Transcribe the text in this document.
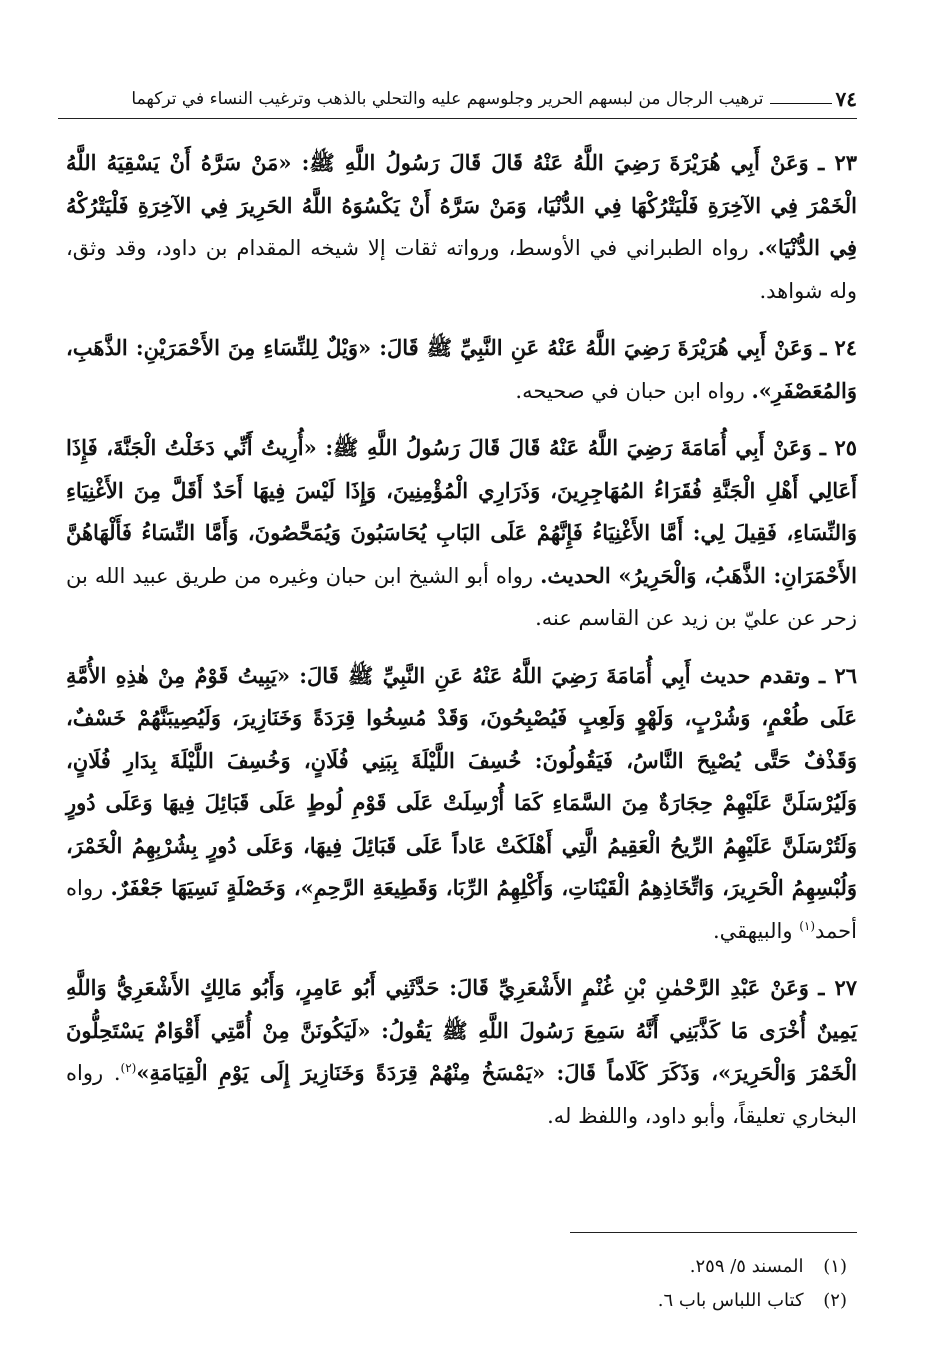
٧٤
ترهيب الرجال من لبسهم الحرير وجلوسهم عليه والتحلي بالذهب وترغيب النساء في تركهما

٢٣ ـ وَعَنْ أَبِي هُرَيْرَةَ رَضِيَ اللَّهُ عَنْهُ قَالَ قَالَ رَسُولُ اللَّهِ ﷺ: «مَنْ سَرَّهُ أَنْ يَسْقِيَهُ اللَّهُ الْخَمْرَ فِي الآخِرَةِ فَلْيَتْرُكْهَا فِي الدُّنْيَا، وَمَنْ سَرَّهُ أَنْ يَكْسُوَهُ اللَّهُ الحَرِيرَ فِي الآخِرَةِ فَلْيَتْرُكْهُ فِي الدُّنْيَا». رواه الطبراني في الأوسط، ورواته ثقات إلا شيخه المقدام بن داود، وقد وثق، وله شواهد.

٢٤ ـ وَعَنْ أَبِي هُرَيْرَةَ رَضِيَ اللَّهُ عَنْهُ عَنِ النَّبِيِّ ﷺ قَالَ: «وَيْلٌ لِلنِّسَاءِ مِنَ الأَحْمَرَيْنِ: الذَّهَبِ، وَالمُعَصْفَرِ». رواه ابن حبان في صحيحه.

٢٥ ـ وَعَنْ أَبِي أُمَامَةَ رَضِيَ اللَّهُ عَنْهُ قَالَ قَالَ رَسُولُ اللَّهِ ﷺ: «أُرِيتُ أَنِّي دَخَلْتُ الْجَنَّةَ، فَإِذَا أَعَالِي أَهْلِ الْجَنَّةِ فُقَرَاءُ المُهَاجِرِينَ، وَذَرَارِي الْمُؤْمِنِينَ، وَإِذَا لَيْسَ فِيهَا أَحَدٌ أَقَلَّ مِنَ الأَغْنِيَاءِ وَالنِّسَاءِ، فَقِيلَ لِي: أَمَّا الأَغْنِيَاءُ فَإِنَّهُمْ عَلَى البَابِ يُحَاسَبُونَ وَيُمَحَّصُونَ، وَأَمَّا النِّسَاءُ فَأَلْهَاهُنَّ الأَحْمَرَانِ: الذَّهَبُ، وَالْحَرِيرُ» الحديث. رواه أبو الشيخ ابن حبان وغيره من طريق عبيد الله بن زحر عن عليّ بن زيد عن القاسم عنه.

٢٦ ـ وتقدم حديث أَبِي أُمَامَةَ رَضِيَ اللَّهُ عَنْهُ عَنِ النَّبِيِّ ﷺ قَالَ: «يَبِيتُ قَوْمٌ مِنْ هٰذِهِ الأُمَّةِ عَلَى طُعْمٍ، وَشُرْبٍ، وَلَهْوٍ وَلَعِبٍ فَيُصْبِحُونَ، وَقَدْ مُسِخُوا قِرَدَةً وَخَنَازِيرَ، وَلَيُصِيبَنَّهُمْ خَسْفٌ، وَقَذْفٌ حَتَّى يُصْبِحَ النَّاسُ، فَيَقُولُونَ: خُسِفَ اللَّيْلَةَ بِبَنِي فُلَانٍ، وَخُسِفَ اللَّيْلَةَ بِدَارِ فُلَانٍ، وَلَيُرْسَلَنَّ عَلَيْهِمْ حِجَارَةٌ مِنَ السَّمَاءِ كَمَا أُرْسِلَتْ عَلَى قَوْمِ لُوطٍ عَلَى قَبَائِلَ فِيهَا وَعَلَى دُورٍ وَلَتُرْسَلَنَّ عَلَيْهِمُ الرِّيحُ الْعَقِيمُ الَّتِي أَهْلَكَتْ عَاداً عَلَى قَبَائِلَ فِيهَا، وَعَلَى دُورٍ بِشُرْبِهِمُ الْخَمْرَ، وَلُبْسِهِمُ الْحَرِيرَ، وَاتِّخَاذِهِمُ الْقَيْنَاتِ، وَأَكْلِهِمُ الرِّبَا، وَقَطِيعَةِ الرَّحِمِ»، وَخَصْلَةٍ نَسِيَهَا جَعْفَرٌ. رواه أحمد$^{(١)}$ والبيهقي.

٢٧ ـ وَعَنْ عَبْدِ الرَّحْمٰنِ بْنِ غُنْمٍ الأَشْعَرِيِّ قَالَ: حَدَّثَنِي أَبُو عَامِرٍ، وَأَبُو مَالِكٍ الأَشْعَرِيُّ وَاللَّهِ يَمِينٌ أُخْرَى مَا كَذَّبَنِي أَنَّهُ سَمِعَ رَسُولَ اللَّهِ ﷺ يَقُولُ: «لَيَكُونَنَّ مِنْ أُمَّتِي أَقْوَامٌ يَسْتَحِلُّونَ الْخَمْرَ وَالْحَرِيرَ»، وَذَكَرَ كَلَاماً قَالَ: «يَمْسَخُ مِنْهُمْ قِرَدَةً وَخَنَازِيرَ إِلَى يَوْمِ الْقِيَامَةِ»$^{(٢)}$. رواه البخاري تعليقاً، وأبو داود، واللفظ له.

(١) المسند ٥/ ٢٥٩.
(٢) كتاب اللباس باب ٦.
